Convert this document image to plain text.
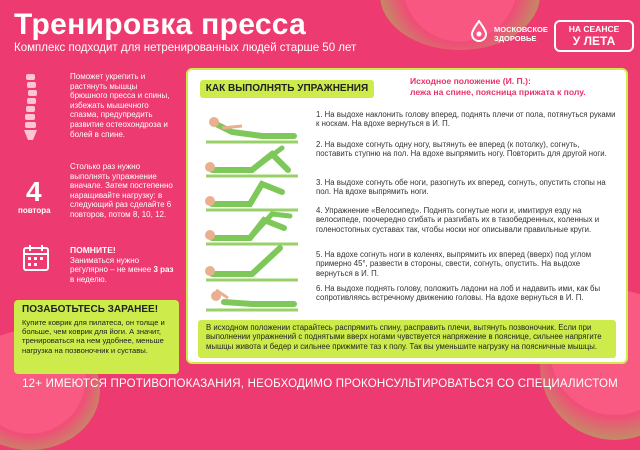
Тренировка пресса
Комплекс подходит для нетренированных людей старше 50 лет
МОСКОВСКОЕ
ЗДОРОВЬЕ
НА СЕАНСЕ
У ЛЕТА
Поможет укрепить и растянуть мышцы брюшного пресса и спины, избежать мышечного спазма, предупредить развитие остеохондроза и болей в спине.
4
повтора
Столько раз нужно выполнять упражнение вначале. Затем постепенно наращивайте нагрузку: в следующий раз сделайте 6 повторов, потом 8, 10, 12.
ПОМНИТЕ!
Заниматься нужно регулярно – не менее 3 раз в неделю.
ПОЗАБОТЬТЕСЬ ЗАРАНЕЕ!
Купите коврик для пилатеса, он толще и больше, чем коврик для йоги. А значит, тренироваться на нем удобнее, меньше нагрузка на позвоночник и суставы.
КАК ВЫПОЛНЯТЬ УПРАЖНЕНИЯ
Исходное положение (И. П.):
лежа на спине, поясница прижата к полу.
1. На выдохе наклонить голову вперед, поднять плечи от пола, потянуться руками к носкам. На вдохе вернуться в И. П.
2. На выдохе согнуть одну ногу, вытянуть ее вперед (к потолку), согнуть, поставить ступню на пол. На вдохе выпрямить ногу. Повторить для другой ноги.
3. На выдохе согнуть обе ноги, разогнуть их вперед, согнуть, опустить стопы на пол. На вдохе выпрямить ноги.
4. Упражнение «Велосипед». Поднять согнутые ноги и, имитируя езду на велосипеде, поочередно сгибать и разгибать их в тазобедренных, коленных и голеностопных суставах так, чтобы носки ног описывали правильные круги.
5. На вдохе согнуть ноги в коленях, выпрямить их вперед (вверх) под углом примерно 45°, развести в стороны, свести, согнуть, опустить. На выдохе вернуться в И. П.
6. На выдохе поднять голову, положить ладони на лоб и надавить ими, как бы сопротивляясь встречному движению головы. На вдохе вернуться в И. П.
В исходном положении старайтесь распрямить спину, расправить плечи, вытянуть позвоночник. Если при выполнении упражнений с поднятыми вверх ногами чувствуется напряжение в пояснице, сильнее напрягите мышцы живота и бедер и сильнее прижмите таз к полу. Так вы уменьшите нагрузку на поясничные мышцы.
12+ ИМЕЮТСЯ ПРОТИВОПОКАЗАНИЯ, НЕОБХОДИМО ПРОКОНСУЛЬТИРОВАТЬСЯ СО СПЕЦИАЛИСТОМ
